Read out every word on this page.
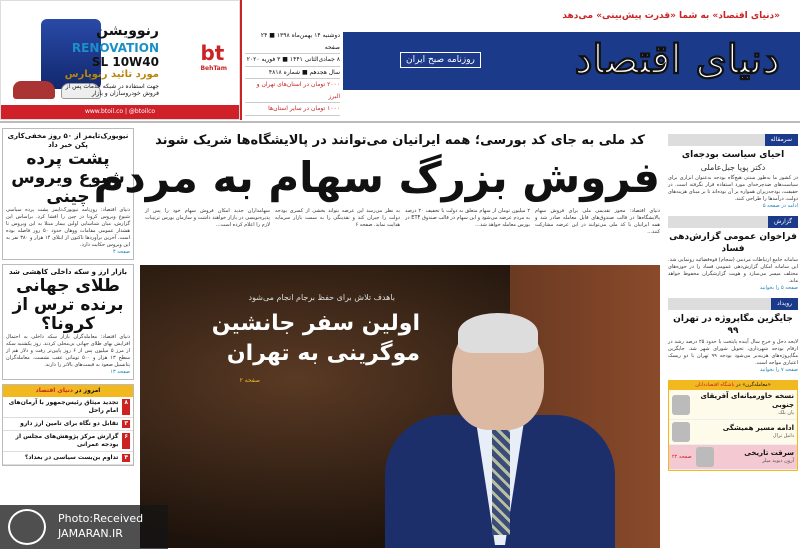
رنوویشن
RENOVATION
SL 10W40
مورد تائید رنوپارس
جهت استفاده در شبکه خدمات پس از فروش خودروسازان و بازار
bt
BehTam
www.btoil.co | @btoilco
دنیای اقتصاد
«دنیای اقتصاد» به شما «قدرت پیش‌بینی» می‌دهد
روزنامه صبح ایران
دوشنبه ۱۴ بهمن‌ماه ۱۳۹۸ ■ ۲۴ صفحه
۸ جمادی‌الثانی ۱۴۴۱ ■ ۳ فوریه ۲۰۲۰
سال هجدهم ■ شماره ۴۸۱۸
۲۰۰۰ تومان در استان‌های تهران و البرز
۱۰۰۰ تومان در سایر استان‌ها
نیویورک‌تایمز از ۵۰ روز مخفی‌کاری پکن خبر داد
پشت پرده شیوع ویروس چینی
دنیای اقتصاد: روزنامه نیویورک‌تایمز پشت پرده سیاسی شیوع ویروس کرونا در چین را افشا کرد. براساس این گزارش، میان شناسایی اولین بیمار مبتلا به این ویروس تا هشدار عمومی مقامات ووهان حدود ۵۰ روز فاصله بوده است. آخرین برآوردها تاکنون از ابتلای ۱۴ هزار و ۳۸۰ نفر به این ویروس حکایت دارد.
صفحه ۴
بازار ارز و سکه داخلی کاهشی شد
طلای جهانی برنده ترس از کرونا؟
دنیای اقتصاد: معامله‌گران بازار سکه داخلی به احتمال افزایش بهای طلای جهانی بی‌محلی کردند. روز یکشنبه سکه از مرز ۵ میلیون پس از ۶ روز پایین‌تر رفت و دلار هم از سطح ۱۳ هزار و ۵۰۰ تومانی عقب نشست. معامله‌گران پتانسیل صعود به قیمت‌های بالاتر را دارند.
صفحه ۱۳
امروز در دنیای اقتصاد
۸
تجدید میثاق رئیس‌جمهور با آرمان‌های امام راحل
۳
تقابل دو نگاه برای تامین ارز دارو
۶
گزارش مرکز پژوهش‌های مجلس از بودجه عمرانی
۴
تداوم بن‌بست سیاسی در بغداد؟
کد ملی به جای کد بورسی؛ همه ایرانیان می‌توانند در پالایشگاه‌ها شریک شوند
فروش بزرگ سهام به مردم
دنیای اقتصاد: مجوز تقدیمی ملی برای فروش سهام پالایشگاه‌ها در قالب صندوق‌های قابل معامله صادر شد و همه ایرانیان با کد ملی می‌توانند در این عرضه مشارکت کنند...
۲ میلیون تومان از سهام متعلق به دولت با تخفیف ۲۰ درصد به مردم عرضه می‌شود و این سهام در قالب صندوق ETF در بورس معامله خواهد شد...
به نظر می‌رسد این عرضه بتواند بخشی از کسری بودجه دولت را جبران کند و نقدینگی را به سمت بازار سرمایه هدایت نماید. صفحه ۶
سهامداران جدید امکان فروش سهام خود را پس از پذیره‌نویسی در بازار خواهند داشت و سازمان بورس ترتیبات لازم را اعلام کرده است...
باهدف تلاش برای حفظ برجام انجام می‌شود
اولین سفر جانشین موگرینی به تهران
صفحه ۲
سرمقاله
احیای سیاست بودجه‌ای
دکتر پویا جبل‌عاملی
در کشور ما به‌طور سنتی هیچ‌گاه بودجه به‌عنوان ابزاری برای سیاست‌های ضدچرخه‌ای مورد استفاده قرار نگرفته است. در حقیقت، بودجه‌ریزان همواره بر آن بوده‌اند تا بر مبنای هزینه‌های دولت، درآمدها را طراحی کنند.
ادامه در صفحه ۵
گزارش
فراخوان عمومی گزارش‌دهی فساد
سامانه جامع ارتباطات مردمی (سجام) قوه‌قضائیه رونمایی شد. این سامانه امکان گزارش‌دهی عمومی فساد را در حوزه‌های مختلف میسر می‌سازد و هویت گزارشگران محفوظ خواهد ماند.
صفحه ۵ را بخوانید
رویداد
جایگزین مگاپروژه در تهران ۹۹
لایحه دخل و خرج سال آینده پایتخت با حدود ۲۵ درصد رشد در ارقام بودجه شهرداری، تحویل شورای شهر شد. جایگزین مگاپروژه‌های هزینه‌بر می‌شود بودجه ۹۹ تهران با دو ریسک اعتباری مواجه است.
صفحه ۷ را بخوانید
«معامله‌گرن» در باشگاه اقتصاددانان
نسخه خاورمیانه‌ای آفریقای جنوبی
یان بلک
ادامه مسیر همیشگی
دانیل ترال
سرقت تاریخی
آرون دیوید میلر
صفحه ۲۲
Photo:Received
JAMARAN.IR
